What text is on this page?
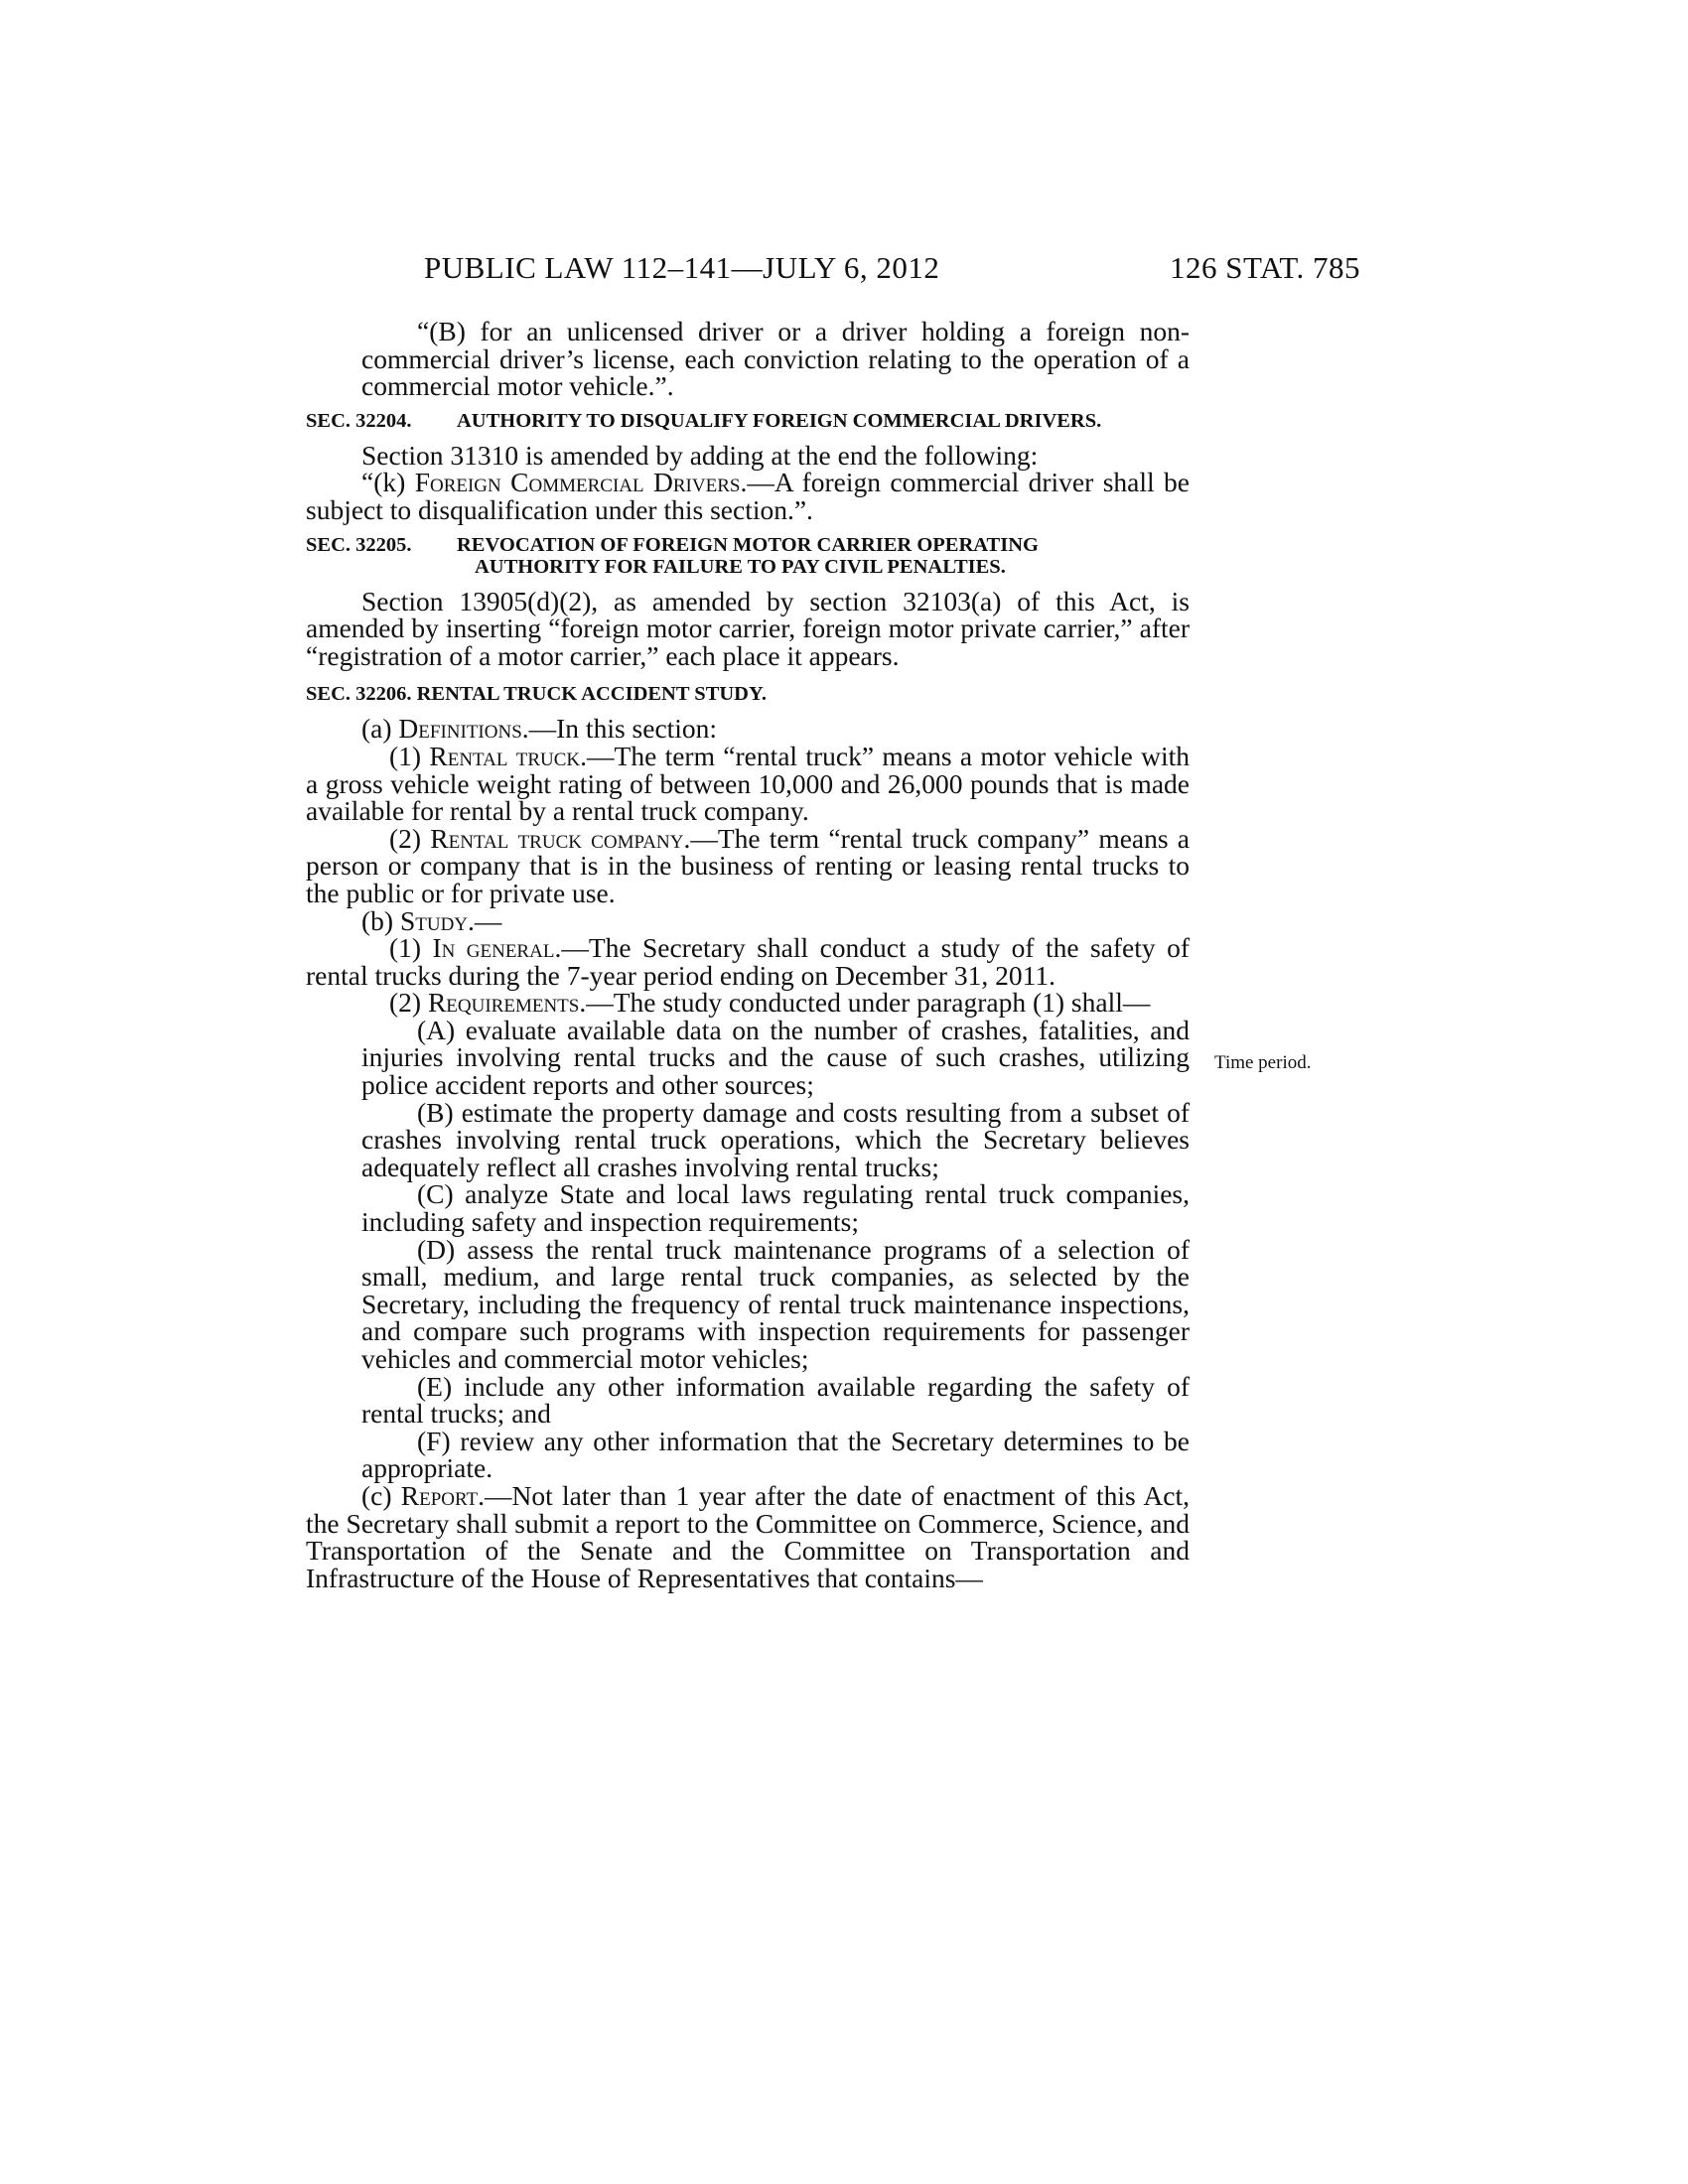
PUBLIC LAW 112–141—JULY 6, 2012	126 STAT. 785
Time period.

“(B) for an unlicensed driver or a driver holding a foreign non-commercial driver’s license, each conviction relating to the operation of a commercial motor vehicle.”.

SEC. 32204.	AUTHORITY TO DISQUALIFY FOREIGN COMMERCIAL DRIVERS.

Section 31310 is amended by adding at the end the following:

“(k) Foreign Commercial Drivers.—A foreign commercial driver shall be subject to disqualification under this section.”.

SEC. 32205. REVOCATION OF FOREIGN MOTOR CARRIER OPERATING
AUTHORITY FOR FAILURE TO PAY CIVIL PENALTIES.

Section 13905(d)(2), as amended by section 32103(a) of this Act, is amended by inserting “foreign motor carrier, foreign motor private carrier,” after “registration of a motor carrier,” each place it appears.

SEC. 32206. RENTAL TRUCK ACCIDENT STUDY.

(a) Definitions.—In this section:

(1) Rental truck.—The term “rental truck” means a motor vehicle with a gross vehicle weight rating of between 10,000 and 26,000 pounds that is made available for rental by a rental truck company.

(2) Rental truck company.—The term “rental truck company” means a person or company that is in the business of renting or leasing rental trucks to the public or for private use.

(b) Study.—

(1) In general.—The Secretary shall conduct a study of the safety of rental trucks during the 7-year period ending on December 31, 2011.

(2) Requirements.—The study conducted under paragraph (1) shall—

(A) evaluate available data on the number of crashes, fatalities, and injuries involving rental trucks and the cause of such crashes, utilizing police accident reports and other sources;

(B) estimate the property damage and costs resulting from a subset of crashes involving rental truck operations, which the Secretary believes adequately reflect all crashes involving rental trucks;

(C) analyze State and local laws regulating rental truck companies, including safety and inspection requirements;

(D) assess the rental truck maintenance programs of a selection of small, medium, and large rental truck companies, as selected by the Secretary, including the frequency of rental truck maintenance inspections, and compare such programs with inspection requirements for passenger vehicles and commercial motor vehicles;

(E) include any other information available regarding the safety of rental trucks; and

(F) review any other information that the Secretary determines to be appropriate.

(c) Report.—Not later than 1 year after the date of enactment of this Act, the Secretary shall submit a report to the Committee on Commerce, Science, and Transportation of the Senate and the Committee on Transportation and Infrastructure of the House of Representatives that contains—
